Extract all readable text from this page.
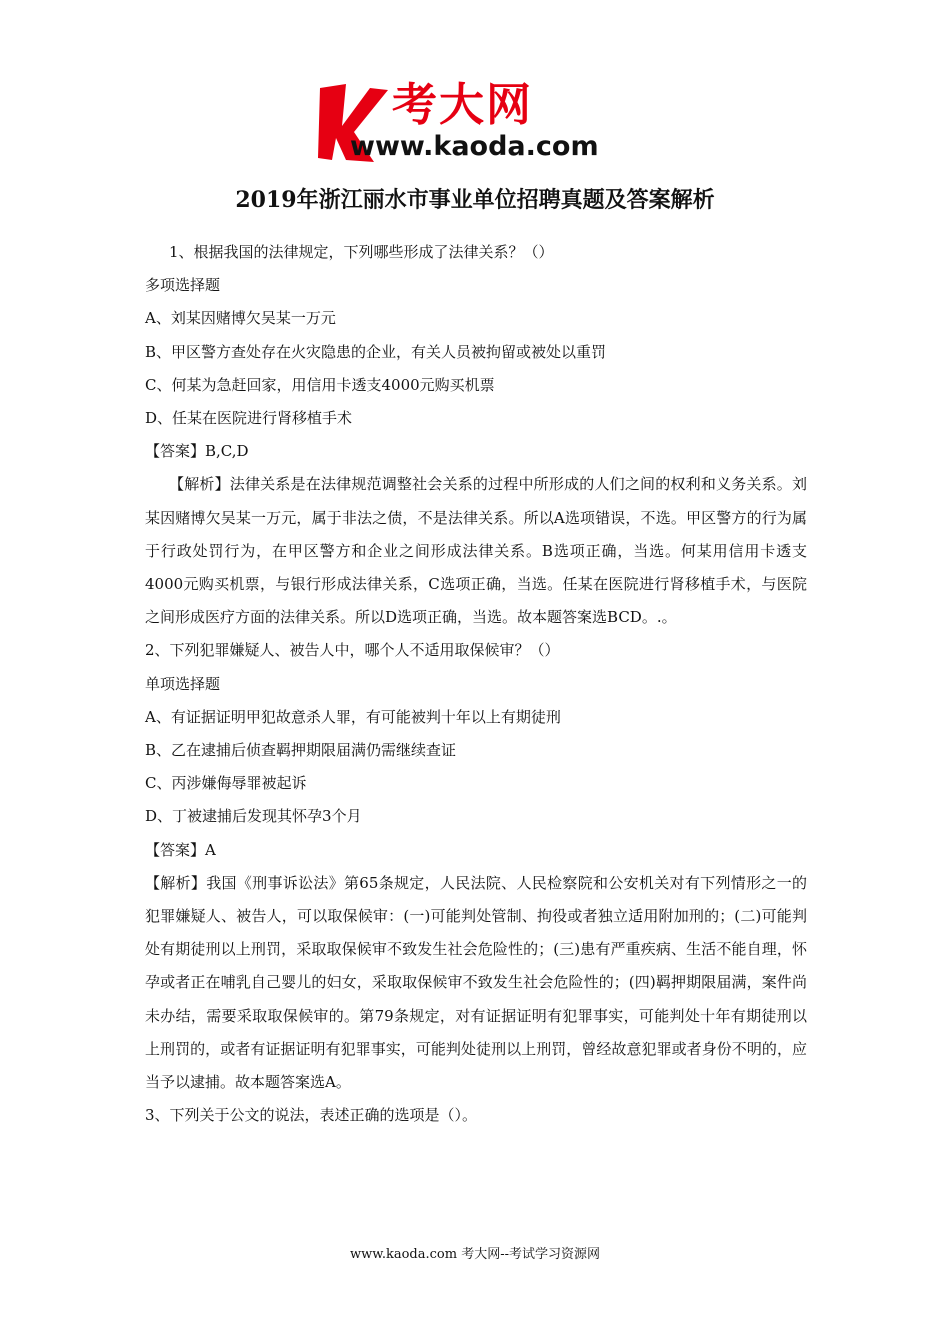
考大网
www.kaoda.com
2019年浙江丽水市事业单位招聘真题及答案解析

1、根据我国的法律规定，下列哪些形成了法律关系？（）

多项选择题

A、刘某因赌博欠吴某一万元

B、甲区警方查处存在火灾隐患的企业，有关人员被拘留或被处以重罚

C、何某为急赶回家，用信用卡透支4000元购买机票

D、任某在医院进行肾移植手术

【答案】B,C,D

【解析】法律关系是在法律规范调整社会关系的过程中所形成的人们之间的权利和义务关系。刘某因赌博欠吴某一万元，属于非法之债，不是法律关系。所以A选项错误，不选。甲区警方的行为属于行政处罚行为，在甲区警方和企业之间形成法律关系。B选项正确，当选。何某用信用卡透支4000元购买机票，与银行形成法律关系，C选项正确，当选。任某在医院进行肾移植手术，与医院之间形成医疗方面的法律关系。所以D选项正确，当选。故本题答案选BCD。.。

2、下列犯罪嫌疑人、被告人中，哪个人不适用取保候审？（）

单项选择题

A、有证据证明甲犯故意杀人罪，有可能被判十年以上有期徒刑

B、乙在逮捕后侦查羁押期限届满仍需继续查证

C、丙涉嫌侮辱罪被起诉

D、丁被逮捕后发现其怀孕3个月

【答案】A

【解析】我国《刑事诉讼法》第65条规定，人民法院、人民检察院和公安机关对有下列情形之一的犯罪嫌疑人、被告人，可以取保候审：(一)可能判处管制、拘役或者独立适用附加刑的；(二)可能判处有期徒刑以上刑罚，采取取保候审不致发生社会危险性的；(三)患有严重疾病、生活不能自理，怀孕或者正在哺乳自己婴儿的妇女，采取取保候审不致发生社会危险性的；(四)羁押期限届满，案件尚未办结，需要采取取保候审的。第79条规定，对有证据证明有犯罪事实，可能判处十年有期徒刑以上刑罚的，或者有证据证明有犯罪事实，可能判处徒刑以上刑罚，曾经故意犯罪或者身份不明的，应当予以逮捕。故本题答案选A。

3、下列关于公文的说法，表述正确的选项是（）。

www.kaoda.com 考大网--考试学习资源网
